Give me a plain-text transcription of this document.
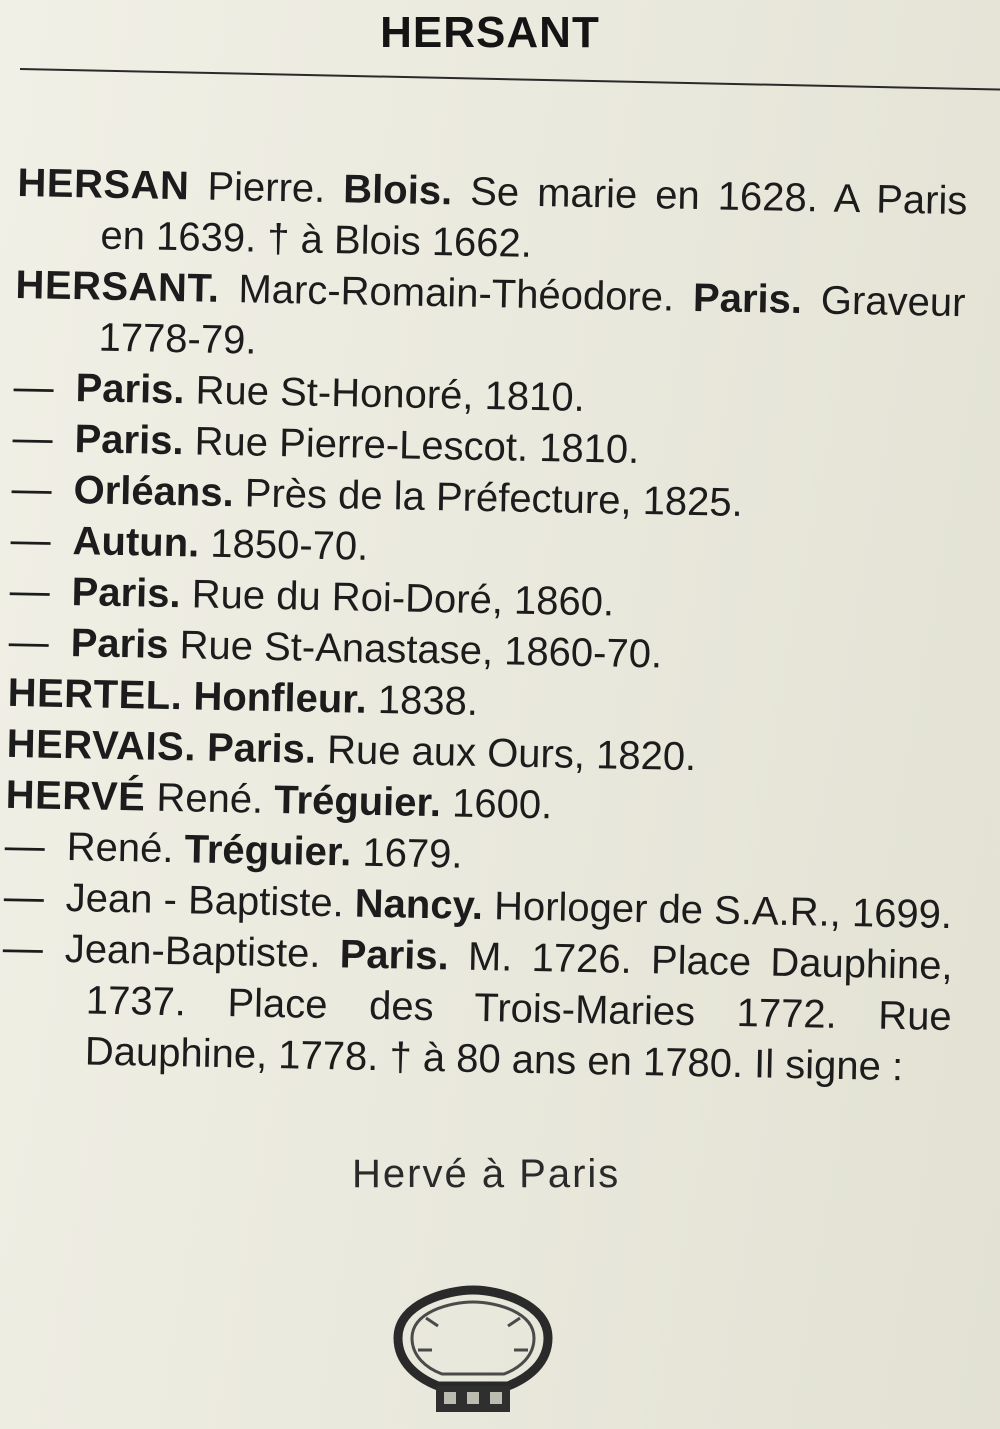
HERSANT

HERSAN Pierre. Blois. Se marie en 1628. A Paris en 1639. † à Blois 1662.

HERSANT. Marc-Romain-Théodore. Paris. Graveur 1778-79.

— Paris. Rue St-Honoré, 1810.

— Paris. Rue Pierre-Lescot. 1810.

— Orléans. Près de la Préfecture, 1825.

— Autun. 1850-70.

— Paris. Rue du Roi-Doré, 1860.

— Paris Rue St-Anastase, 1860-70.

HERTEL. Honfleur. 1838.

HERVAIS. Paris. Rue aux Ours, 1820.

HERVÉ René. Tréguier. 1600.

— René. Tréguier. 1679.

— Jean - Baptiste. Nancy. Horloger de S.A.R., 1699.

— Jean-Baptiste. Paris. M. 1726. Place Dauphine, 1737. Place des Trois-Maries 1772. Rue Dauphine, 1778. † à 80 ans en 1780. Il signe :

Hervé à Paris
